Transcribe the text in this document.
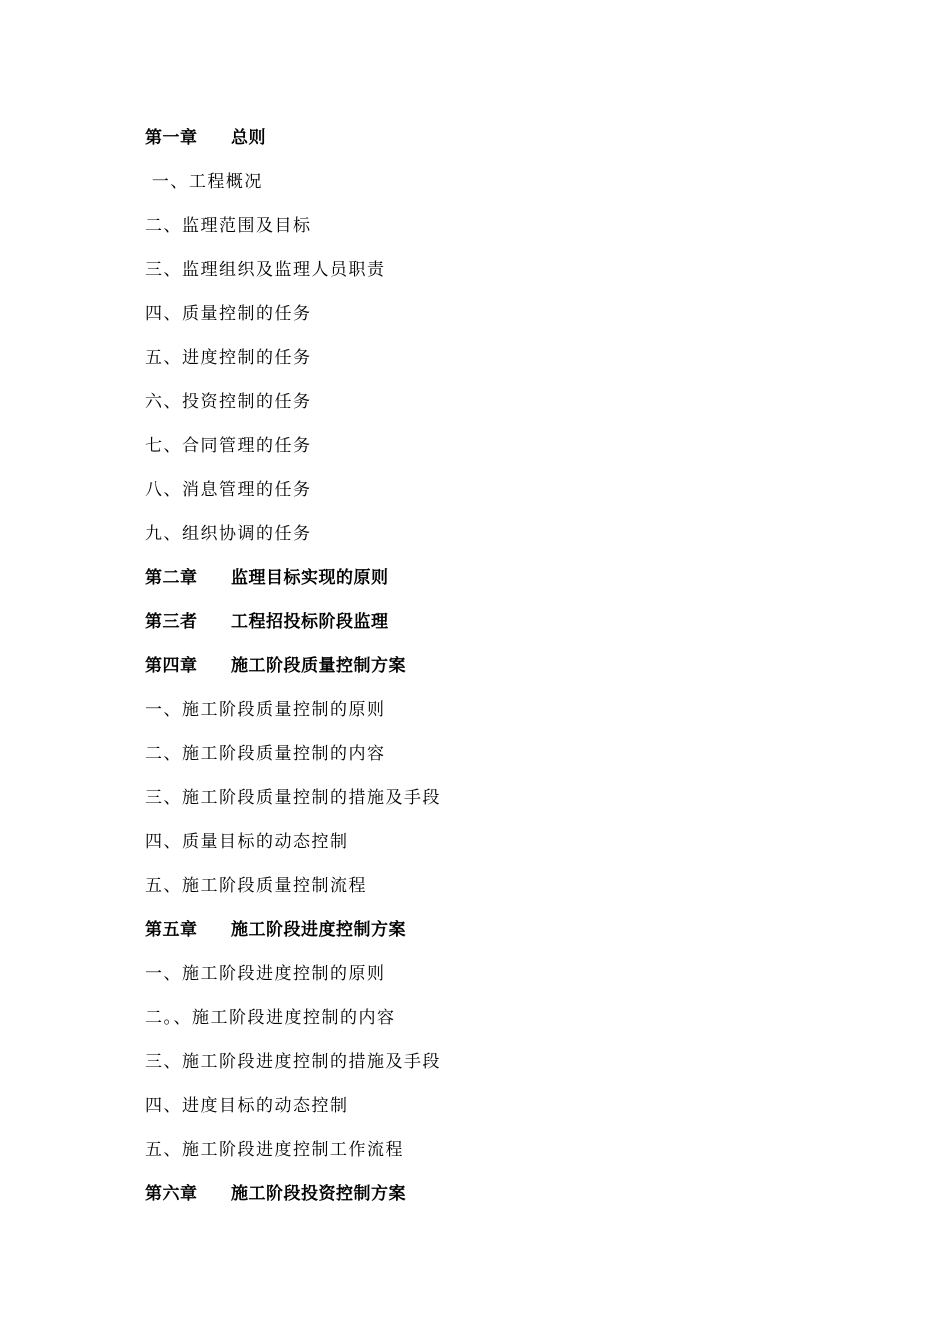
第一章 总则
一、工程概况
二、监理范围及目标
三、监理组织及监理人员职责
四、质量控制的任务
五、进度控制的任务
六、投资控制的任务
七、合同管理的任务
八、消息管理的任务
九、组织协调的任务
第二章 监理目标实现的原则
第三者 工程招投标阶段监理
第四章 施工阶段质量控制方案
一、施工阶段质量控制的原则
二、施工阶段质量控制的内容
三、施工阶段质量控制的措施及手段
四、质量目标的动态控制
五、施工阶段质量控制流程
第五章 施工阶段进度控制方案
一、施工阶段进度控制的原则
二。、施工阶段进度控制的内容
三、施工阶段进度控制的措施及手段
四、进度目标的动态控制
五、施工阶段进度控制工作流程
第六章 施工阶段投资控制方案
